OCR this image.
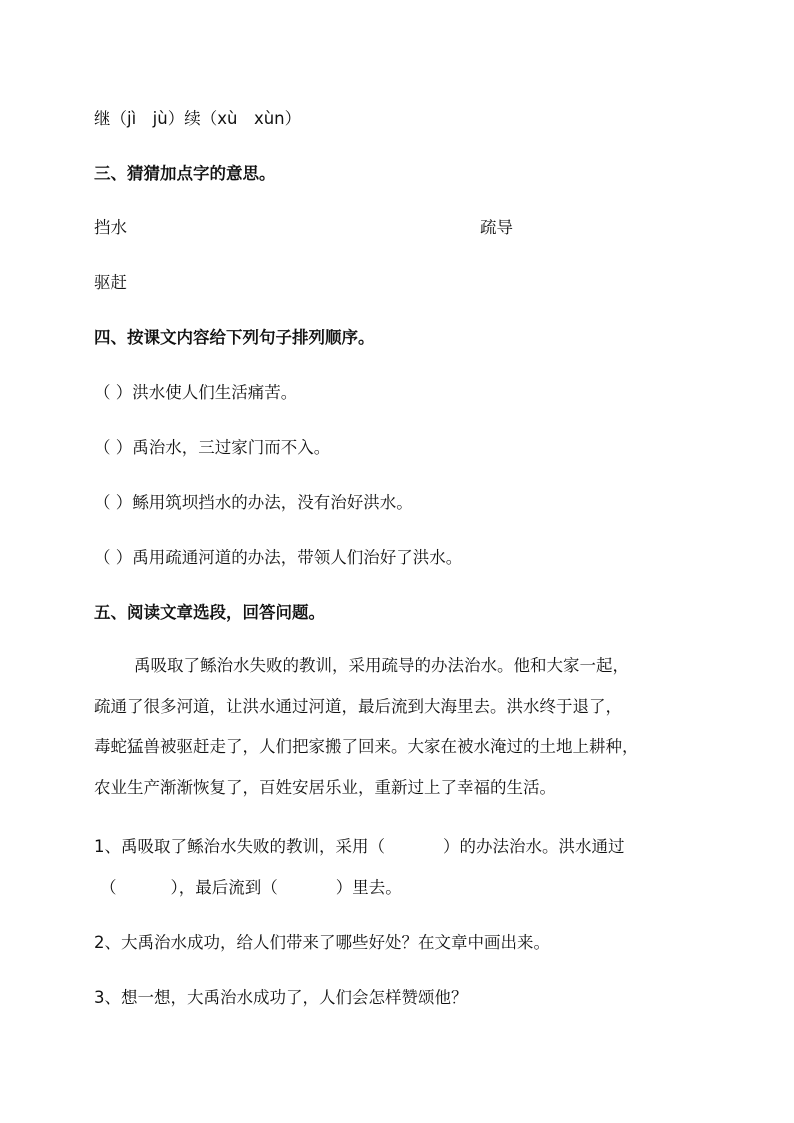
继（jì　jù）续（xù　xùn）
三、猜猜加点字的意思。
挡水	疏导
驱赶
四、按课文内容给下列句子排列顺序。
（ ）洪水使人们生活痛苦。
（ ）禹治水，三过家门而不入。
（ ）鲧用筑坝挡水的办法，没有治好洪水。
（ ）禹用疏通河道的办法，带领人们治好了洪水。
五、阅读文章选段，回答问题。
禹吸取了鲧治水失败的教训，采用疏导的办法治水。他和大家一起，
疏通了很多河道，让洪水通过河道，最后流到大海里去。洪水终于退了，
毒蛇猛兽被驱赶走了，人们把家搬了回来。大家在被水淹过的土地上耕种，
农业生产渐渐恢复了，百姓安居乐业，重新过上了幸福的生活。
1、禹吸取了鲧治水失败的教训，采用（	）的办法治水。洪水通过
（	），最后流到（	）里去。
2、大禹治水成功，给人们带来了哪些好处？在文章中画出来。
3、想一想，大禹治水成功了，人们会怎样赞颂他？
